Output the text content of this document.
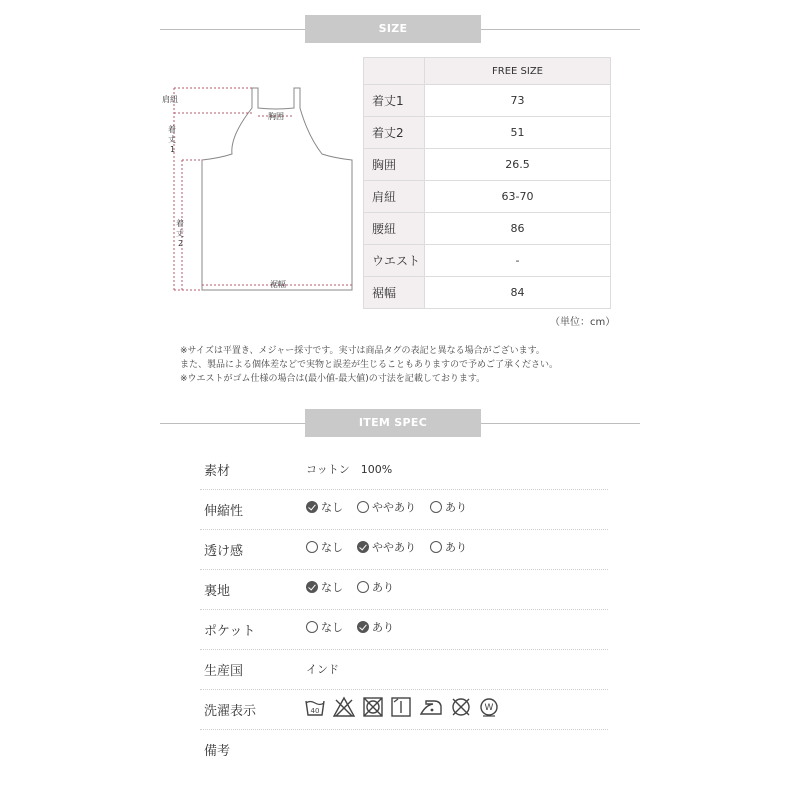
SIZE
肩紐
着丈 1
胸囲
着丈 2
裾幅
	FREE SIZE
着丈1	73
着丈2	51
胸囲	26.5
肩紐	63-70
腰紐	86
ウエスト	-
裾幅	84
（単位：cm）
※サイズは平置き、メジャー採寸です。実寸は商品タグの表記と異なる場合がございます。
また、製品による個体差などで実物と誤差が生じることもありますので予めご了承ください。
※ウエストがゴム仕様の場合は(最小値-最大値)の寸法を記載しております。
ITEM SPEC
素材	コットン　100%
伸縮性	なし	ややあり	あり
透け感	なし	ややあり	あり
裏地	なし	あり
ポケット	なし	あり
生産国	インド
洗濯表示	40	W
備考
